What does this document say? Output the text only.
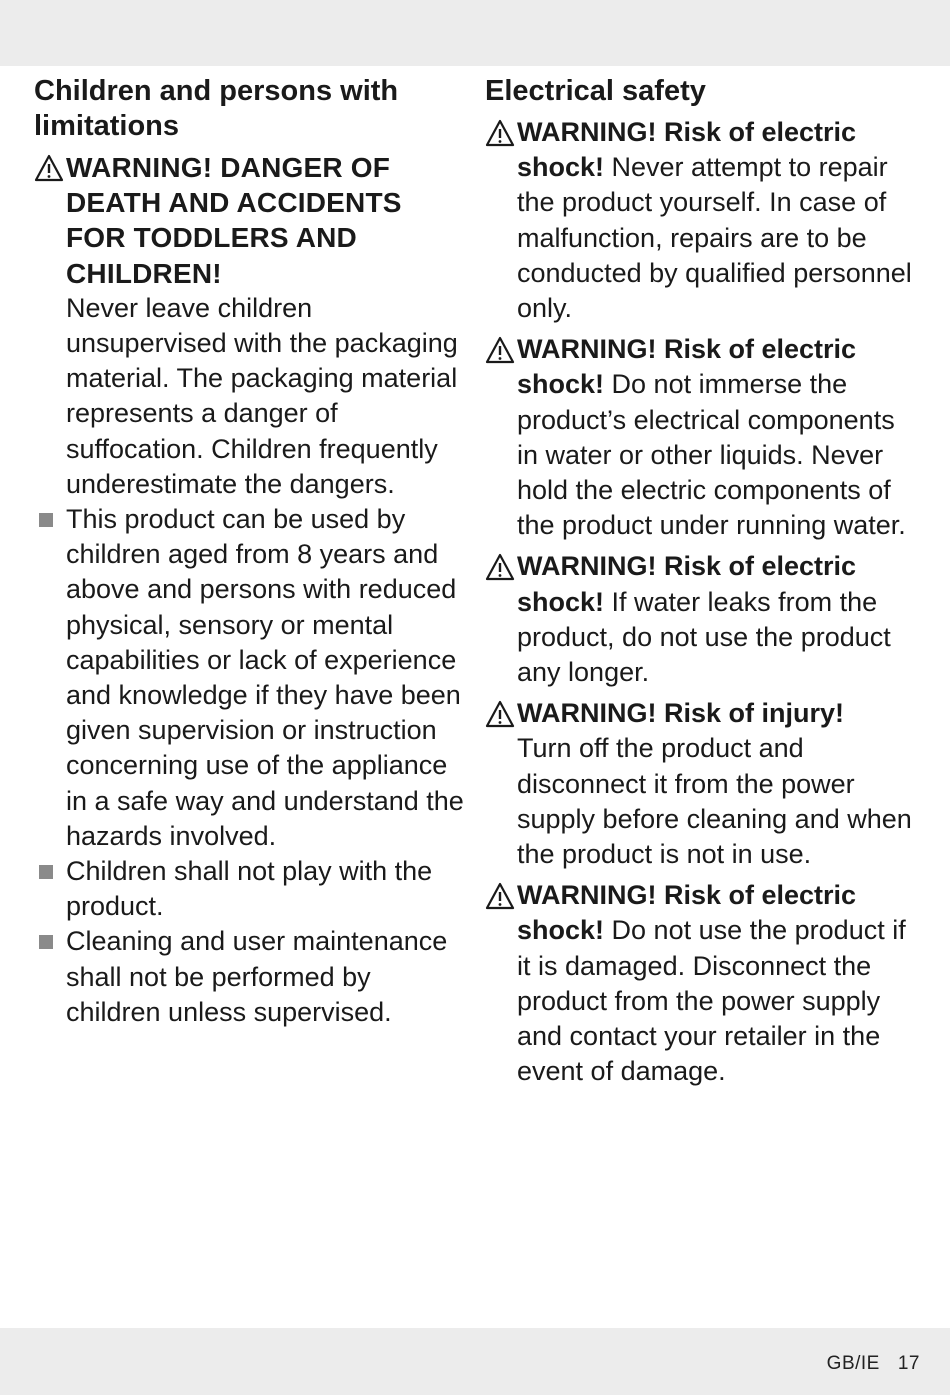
Children and persons with limitations
WARNING! DANGER OF DEATH AND ACCIDENTS FOR TODDLERS AND CHILDREN!
Never leave children unsupervised with the packaging material. The packaging material represents a danger of suffocation. Children frequently underestimate the dangers.
This product can be used by children aged from 8 years and above and persons with reduced physical, sensory or mental capabilities or lack of experience and knowledge if they have been given supervision or instruction concerning use of the appliance in a safe way and understand the hazards involved.
Children shall not play with the product.
Cleaning and user maintenance shall not be performed by children unless supervised.
Electrical safety
WARNING! Risk of electric shock! Never attempt to repair the product yourself. In case of malfunction, repairs are to be conducted by qualified personnel only.
WARNING! Risk of electric shock! Do not immerse the product’s electrical components in water or other liquids. Never hold the electric components of the product under running water.
WARNING! Risk of electric shock! If water leaks from the product, do not use the product any longer.
WARNING! Risk of injury!
Turn off the product and disconnect it from the power supply before cleaning and when the product is not in use.
WARNING! Risk of electric shock! Do not use the product if it is damaged. Disconnect the product from the power supply and contact your retailer in the event of damage.
GB/IE 17
